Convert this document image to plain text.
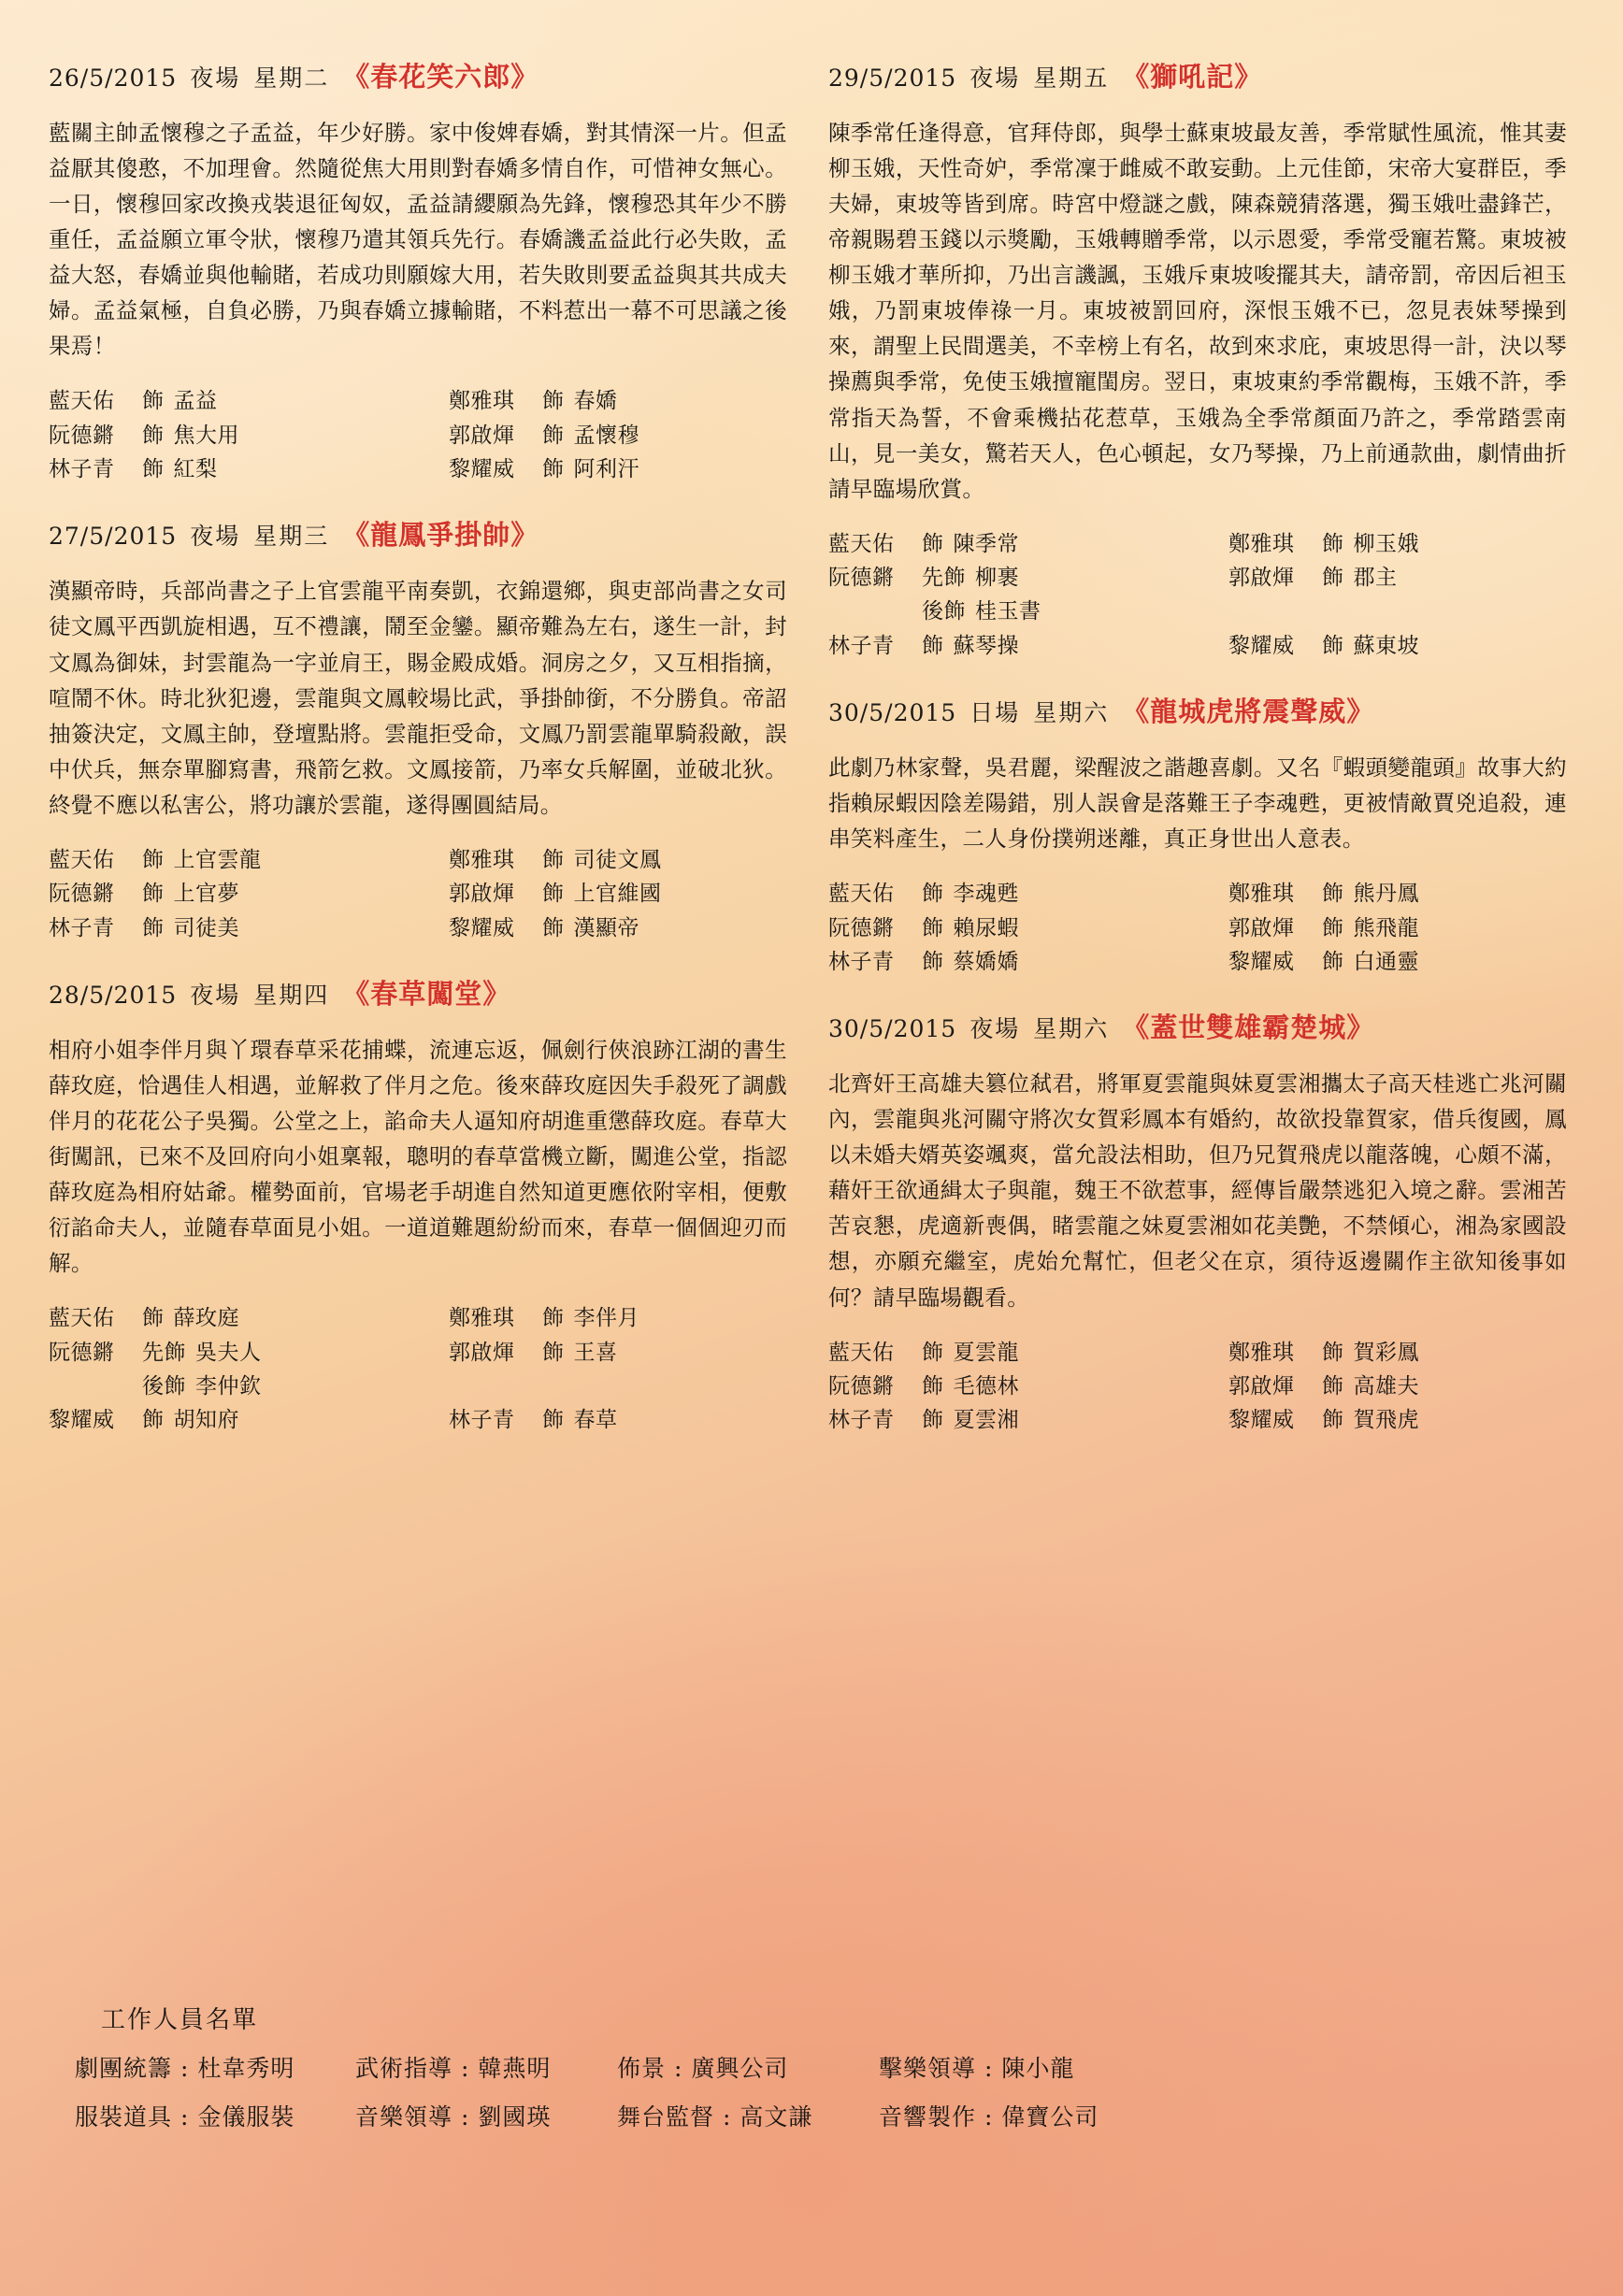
26/5/2015 夜場 星期二 《春花笑六郎》
藍關主帥孟懷穆之子孟益，年少好勝。家中俊婢春嬌，對其情深一片。但孟益厭其傻憨，不加理會。然隨從焦大用則對春嬌多情自作，可惜神女無心。一日，懷穆回家改換戎裝退征匈奴，孟益請纓願為先鋒，懷穆恐其年少不勝重任，孟益願立軍令狀，懷穆乃遣其領兵先行。春嬌譏孟益此行必失敗，孟益大怒，春嬌並與他輸賭，若成功則願嫁大用，若失敗則要孟益與其共成夫婦。孟益氣極，自負必勝，乃與春嬌立據輸賭，不料惹出一幕不可思議之後果焉！
藍天佑	飾 孟益	鄭雅琪	飾 春嬌
阮德鏘	飾 焦大用	郭啟煇	飾 孟懷穆
林子青	飾 紅梨	黎耀威	飾 阿利汗
27/5/2015 夜場 星期三 《龍鳳爭掛帥》
漢顯帝時，兵部尚書之子上官雲龍平南奏凱，衣錦還鄉，與吏部尚書之女司徒文鳳平西凱旋相遇，互不禮讓，鬧至金鑾。顯帝難為左右，遂生一計，封文鳳為御妹，封雲龍為一字並肩王，賜金殿成婚。洞房之夕，又互相指摘，喧鬧不休。時北狄犯邊，雲龍與文鳳較場比武，爭掛帥銜，不分勝負。帝詔抽簽決定，文鳳主帥，登壇點將。雲龍拒受命，文鳳乃罰雲龍單騎殺敵，誤中伏兵，無奈單腳寫書，飛箭乞救。文鳳接箭，乃率女兵解圍，並破北狄。終覺不應以私害公，將功讓於雲龍，遂得團圓結局。
藍天佑	飾 上官雲龍	鄭雅琪	飾 司徒文鳳
阮德鏘	飾 上官夢	郭啟煇	飾 上官維國
林子青	飾 司徒美	黎耀威	飾 漢顯帝
28/5/2015 夜場 星期四 《春草闖堂》
相府小姐李伴月與丫環春草采花捕蝶，流連忘返，佩劍行俠浪跡江湖的書生薛玫庭，恰遇佳人相遇，並解救了伴月之危。後來薛玫庭因失手殺死了調戲伴月的花花公子吳獨。公堂之上，諂命夫人逼知府胡進重懲薛玫庭。春草大街闖訊，已來不及回府向小姐稟報，聰明的春草當機立斷，闖進公堂，指認薛玫庭為相府姑爺。權勢面前，官場老手胡進自然知道更應依附宰相，便敷衍諂命夫人，並隨春草面見小姐。一道道難題紛紛而來，春草一個個迎刃而解。
藍天佑	飾 薛玫庭	鄭雅琪	飾 李伴月
阮德鏘	先飾 吳夫人	郭啟煇	飾 王喜
後飾 李仲欽
黎耀威	飾 胡知府	林子青	飾 春草
29/5/2015 夜場 星期五 《獅吼記》
陳季常任逢得意，官拜侍郎，與學士蘇東坡最友善，季常賦性風流，惟其妻柳玉娥，天性奇妒，季常凜于雌威不敢妄動。上元佳節，宋帝大宴群臣，季夫婦，東坡等皆到席。時宮中燈謎之戲，陳森競猜落選，獨玉娥吐盡鋒芒，帝親賜碧玉錢以示獎勵，玉娥轉贈季常，以示恩愛，季常受寵若驚。東坡被柳玉娥才華所抑，乃出言譏諷，玉娥斥東坡唆擺其夫，請帝罰，帝因后袒玉娥，乃罰東坡俸祿一月。東坡被罰回府，深恨玉娥不已，忽見表妹琴操到來，謂聖上民間選美，不幸榜上有名，故到來求庇，東坡思得一計，決以琴操薦與季常，免使玉娥擅寵閨房。翌日，東坡東約季常觀梅，玉娥不許，季常指天為誓，不會乘機拈花惹草，玉娥為全季常顏面乃許之，季常踏雲南山，見一美女，驚若天人，色心頓起，女乃琴操，乃上前通款曲，劇情曲折請早臨場欣賞。
藍天佑	飾 陳季常	鄭雅琪	飾 柳玉娥
阮德鏘	先飾 柳裹	郭啟煇	飾 郡主
後飾 桂玉書
林子青	飾 蘇琴操	黎耀威	飾 蘇東坡
30/5/2015 日場 星期六 《龍城虎將震聲威》
此劇乃林家聲，吳君麗，梁醒波之諧趣喜劇。又名『蝦頭變龍頭』故事大約指賴尿蝦因陰差陽錯，別人誤會是落難王子李魂甦，更被情敵賈兇追殺，連串笑料產生，二人身份撲朔迷離，真正身世出人意表。
藍天佑	飾 李魂甦	鄭雅琪	飾 熊丹鳳
阮德鏘	飾 賴尿蝦	郭啟煇	飾 熊飛龍
林子青	飾 蔡嬌嬌	黎耀威	飾 白通靈
30/5/2015 夜場 星期六 《蓋世雙雄霸楚城》
北齊奸王高雄夫篡位弒君，將軍夏雲龍與妹夏雲湘攜太子高天桂逃亡兆河關內，雲龍與兆河關守將次女賀彩鳳本有婚約，故欲投靠賀家，借兵復國，鳳以未婚夫婿英姿颯爽，當允設法相助，但乃兄賀飛虎以龍落魄，心頗不滿，藉奸王欲通緝太子與龍，魏王不欲惹事，經傳旨嚴禁逃犯入境之辭。雲湘苦苦哀懇，虎適新喪偶，睹雲龍之妹夏雲湘如花美艷，不禁傾心，湘為家國設想，亦願充繼室，虎始允幫忙，但老父在京，須待返邊關作主欲知後事如何？請早臨場觀看。
藍天佑	飾 夏雲龍	鄭雅琪	飾 賀彩鳳
阮德鏘	飾 毛德林	郭啟煇	飾 高雄夫
林子青	飾 夏雲湘	黎耀威	飾 賀飛虎
工作人員名單
劇團統籌 : 杜韋秀明	武術指導 : 韓燕明	佈景 : 廣興公司	擊樂領導 : 陳小龍
服裝道具 : 金儀服裝	音樂領導 : 劉國瑛	舞台監督 : 高文謙	音響製作 : 偉寶公司
